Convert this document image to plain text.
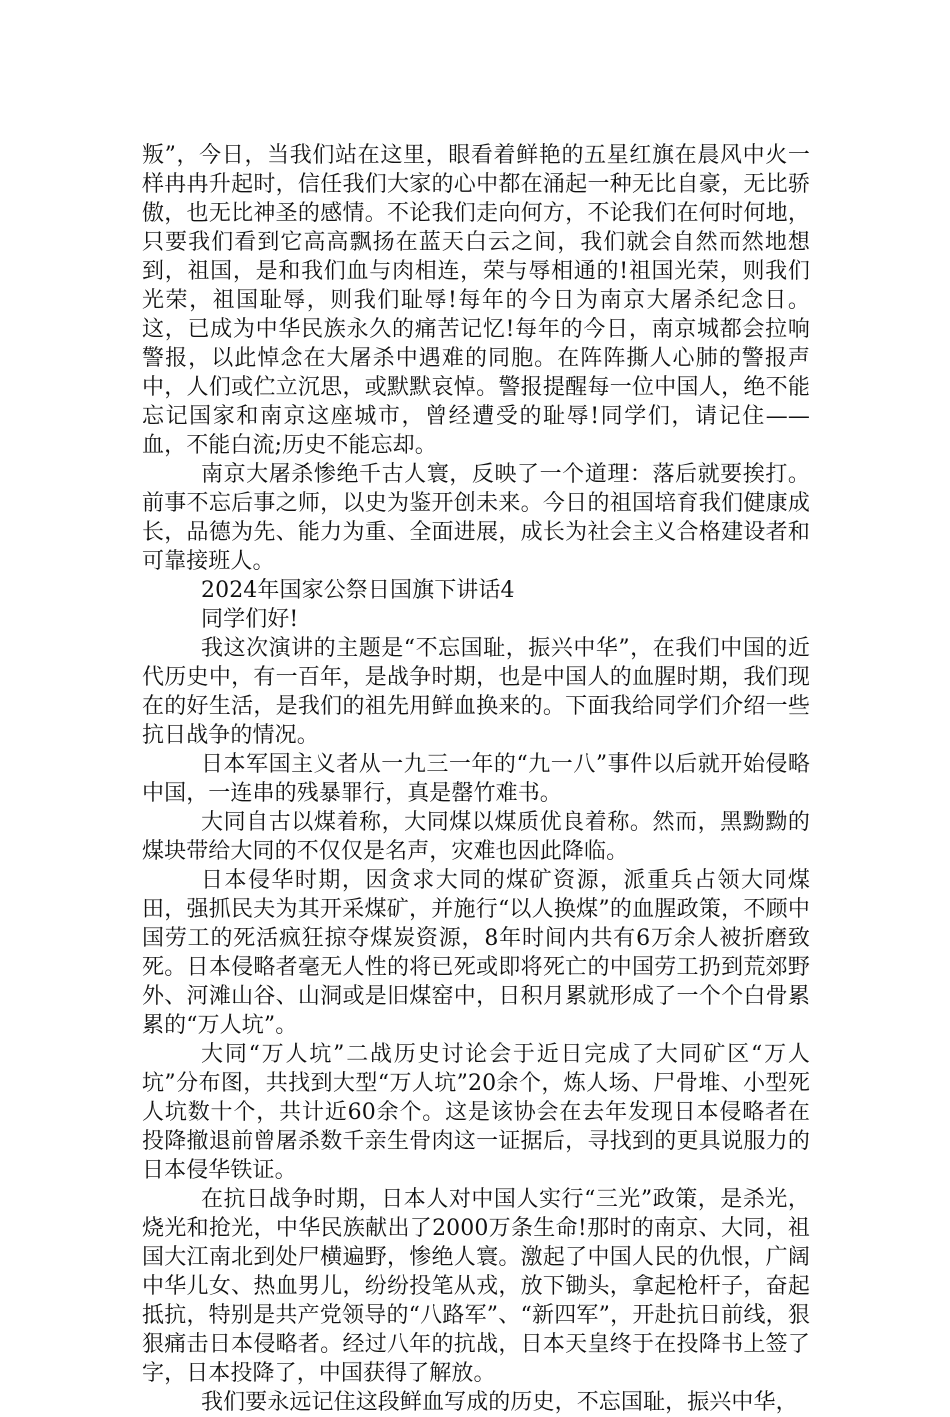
叛”，今日，当我们站在这里，眼看着鲜艳的五星红旗在晨风中火一样冉冉升起时，信任我们大家的心中都在涌起一种无比自豪，无比骄傲，也无比神圣的感情。不论我们走向何方，不论我们在何时何地，只要我们看到它高高飘扬在蓝天白云之间，我们就会自然而然地想到，祖国，是和我们血与肉相连，荣与辱相通的!祖国光荣，则我们光荣，祖国耻辱，则我们耻辱!每年的今日为南京大屠杀纪念日。这，已成为中华民族永久的痛苦记忆!每年的今日，南京城都会拉响警报，以此悼念在大屠杀中遇难的同胞。在阵阵撕人心肺的警报声中，人们或伫立沉思，或默默哀悼。警报提醒每一位中国人，绝不能忘记国家和南京这座城市，曾经遭受的耻辱!同学们，请记住——血，不能白流;历史不能忘却。

南京大屠杀惨绝千古人寰，反映了一个道理：落后就要挨打。前事不忘后事之师，以史为鉴开创未来。今日的祖国培育我们健康成长，品德为先、能力为重、全面进展，成长为社会主义合格建设者和可靠接班人。

2024年国家公祭日国旗下讲话4

同学们好!

我这次演讲的主题是“不忘国耻，振兴中华”，在我们中国的近代历史中，有一百年，是战争时期，也是中国人的血腥时期，我们现在的好生活，是我们的祖先用鲜血换来的。下面我给同学们介绍一些抗日战争的情况。

日本军国主义者从一九三一年的“九一八”事件以后就开始侵略中国，一连串的残暴罪行，真是罄竹难书。

大同自古以煤着称，大同煤以煤质优良着称。然而，黑黝黝的煤块带给大同的不仅仅是名声，灾难也因此降临。

日本侵华时期，因贪求大同的煤矿资源，派重兵占领大同煤田，强抓民夫为其开采煤矿，并施行“以人换煤”的血腥政策，不顾中国劳工的死活疯狂掠夺煤炭资源，8年时间内共有6万余人被折磨致死。日本侵略者毫无人性的将已死或即将死亡的中国劳工扔到荒郊野外、河滩山谷、山洞或是旧煤窑中，日积月累就形成了一个个白骨累累的“万人坑”。

大同“万人坑”二战历史讨论会于近日完成了大同矿区“万人坑”分布图，共找到大型“万人坑”20余个，炼人场、尸骨堆、小型死人坑数十个，共计近60余个。这是该协会在去年发现日本侵略者在投降撤退前曾屠杀数千亲生骨肉这一证据后，寻找到的更具说服力的日本侵华铁证。

在抗日战争时期，日本人对中国人实行“三光”政策，是杀光，烧光和抢光，中华民族献出了2000万条生命!那时的南京、大同，祖国大江南北到处尸横遍野，惨绝人寰。激起了中国人民的仇恨，广阔中华儿女、热血男儿，纷纷投笔从戎，放下锄头，拿起枪杆子，奋起抵抗，特别是共产党领导的“八路军”、“新四军”，开赴抗日前线，狠狠痛击日本侵略者。经过八年的抗战，日本天皇终于在投降书上签了字，日本投降了，中国获得了解放。

我们要永远记住这段鲜血写成的历史，不忘国耻，振兴中华，
